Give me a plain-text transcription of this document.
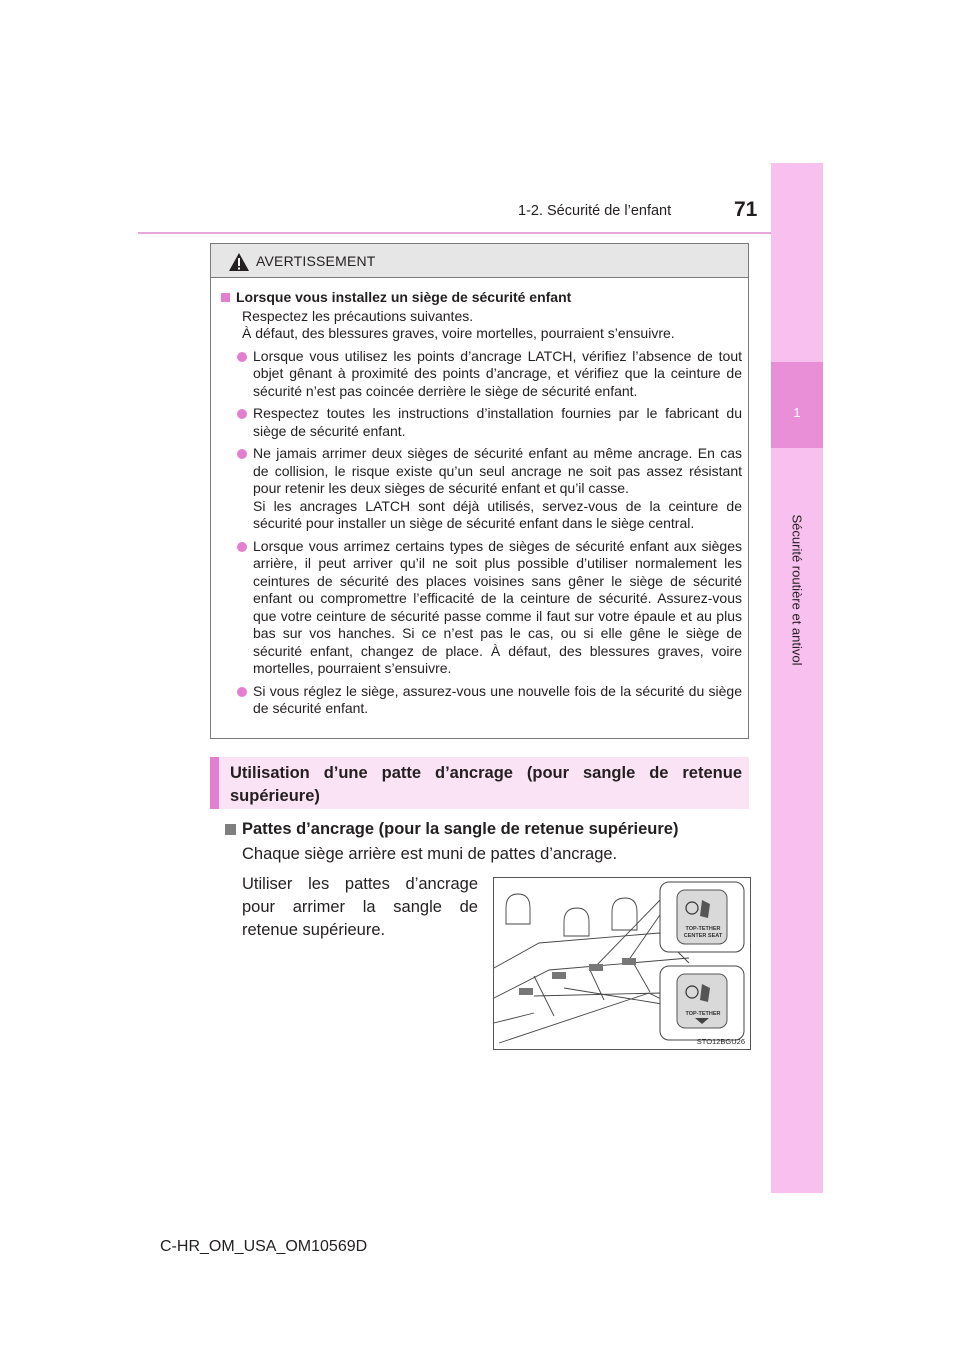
1-2. Sécurité de l’enfant	71
1
Sécurité routière et antivol
AVERTISSEMENT
Lorsque vous installez un siège de sécurité enfant
Respectez les précautions suivantes.
À défaut, des blessures graves, voire mortelles, pourraient s’ensuivre.

Lorsque vous utilisez les points d’ancrage LATCH, vérifiez l’absence de tout objet gênant à proximité des points d’ancrage, et vérifiez que la ceinture de sécurité n’est pas coincée derrière le siège de sécurité enfant.

Respectez toutes les instructions d’installation fournies par le fabricant du siège de sécurité enfant.

Ne jamais arrimer deux sièges de sécurité enfant au même ancrage. En cas de collision, le risque existe qu’un seul ancrage ne soit pas assez résistant pour retenir les deux sièges de sécurité enfant et qu’il casse.

Si les ancrages LATCH sont déjà utilisés, servez-vous de la ceinture de sécurité pour installer un siège de sécurité enfant dans le siège central.

Lorsque vous arrimez certains types de sièges de sécurité enfant aux sièges arrière, il peut arriver qu’il ne soit plus possible d’utiliser normalement les ceintures de sécurité des places voisines sans gêner le siège de sécurité enfant ou compromettre l’efficacité de la ceinture de sécurité. Assurez-vous que votre ceinture de sécurité passe comme il faut sur votre épaule et au plus bas sur vos hanches. Si ce n’est pas le cas, ou si elle gêne le siège de sécurité enfant, changez de place. À défaut, des blessures graves, voire mortelles, pourraient s’ensuivre.

Si vous réglez le siège, assurez-vous une nouvelle fois de la sécurité du siège de sécurité enfant.

Utilisation d’une patte d’ancrage (pour sangle de retenue supérieure)
Pattes d’ancrage (pour la sangle de retenue supérieure)
Chaque siège arrière est muni de pattes d’ancrage.
Utiliser les pattes d’ancrage pour arrimer la sangle de retenue supérieure.	TOP-TETHER
CENTER SEAT
TOP-TETHER
STO12BGU26
C-HR_OM_USA_OM10569D
